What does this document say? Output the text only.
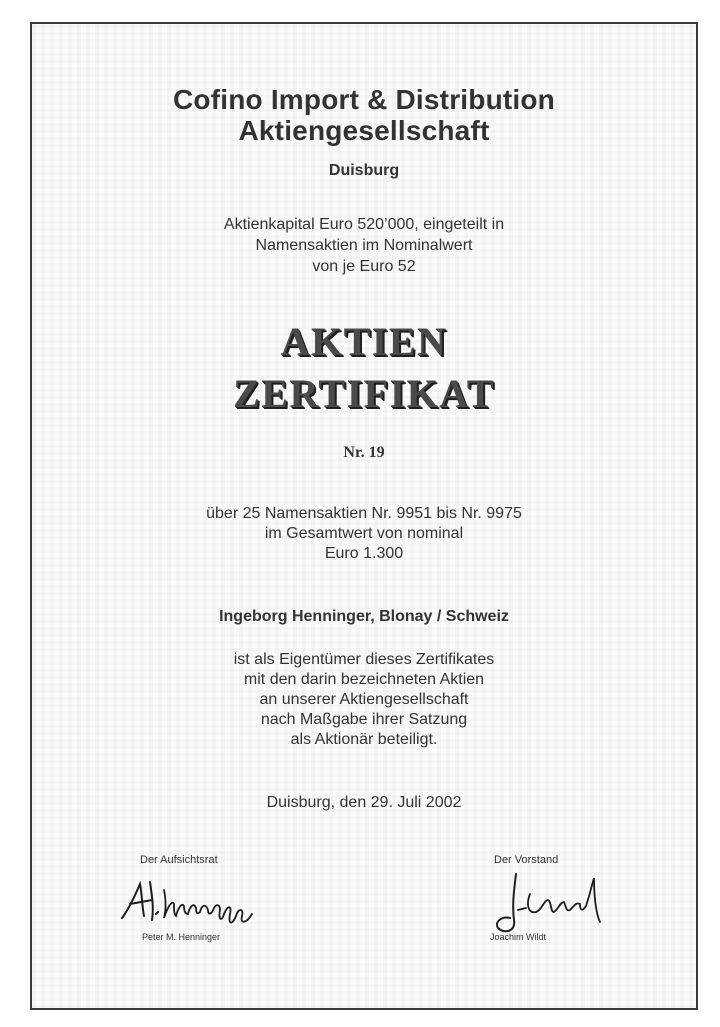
Cofino Import & Distribution
Aktiengesellschaft
Duisburg
Aktienkapital Euro 520’000, eingeteilt in
Namensaktien im Nominalwert
von je Euro 52
AKTIEN
ZERTIFIKAT
Nr. 19
über 25 Namensaktien Nr. 9951 bis Nr. 9975
im Gesamtwert von nominal
Euro 1.300
Ingeborg Henninger, Blonay / Schweiz
ist als Eigentümer dieses Zertifikates
mit den darin bezeichneten Aktien
an unserer Aktiengesellschaft
nach Maßgabe ihrer Satzung
als Aktionär beteiligt.
Duisburg, den 29. Juli 2002
Der Aufsichtsrat
Peter M. Henninger
Der Vorstand
Joachim Wildt
